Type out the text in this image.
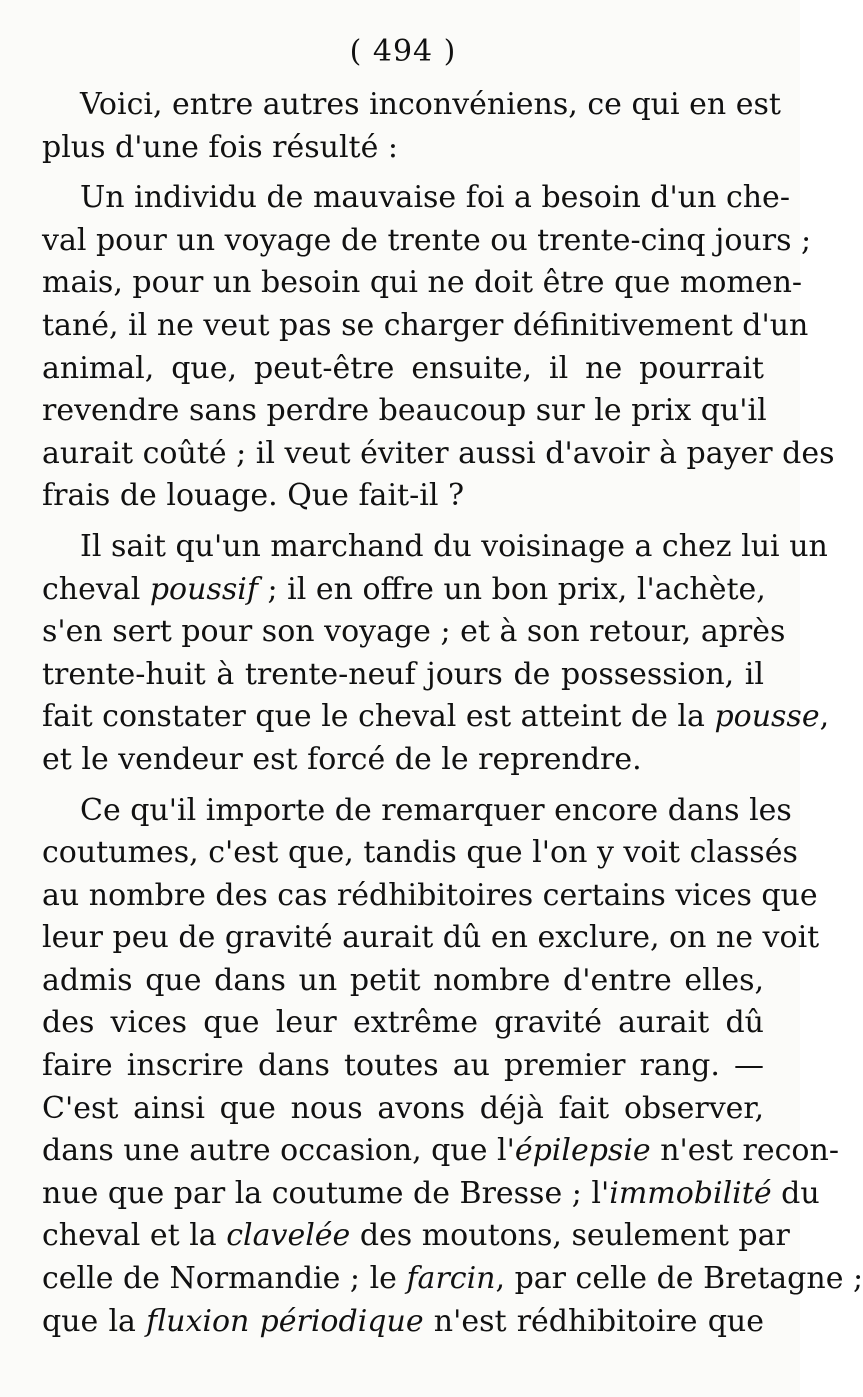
( 494 )
Voici, entre autres inconvéniens, ce qui en est
plus d'une fois résulté :
Un individu de mauvaise foi a besoin d'un che-
val pour un voyage de trente ou trente-cinq jours ;
mais, pour un besoin qui ne doit être que momen-
tané, il ne veut pas se charger définitivement d'un
animal, que, peut-être ensuite, il ne pourrait
revendre sans perdre beaucoup sur le prix qu'il
aurait coûté ; il veut éviter aussi d'avoir à payer des
frais de louage. Que fait-il ?
Il sait qu'un marchand du voisinage a chez lui un
cheval poussif ; il en offre un bon prix, l'achète,
s'en sert pour son voyage ; et à son retour, après
trente-huit à trente-neuf jours de possession, il
fait constater que le cheval est atteint de la pousse,
et le vendeur est forcé de le reprendre.
Ce qu'il importe de remarquer encore dans les
coutumes, c'est que, tandis que l'on y voit classés
au nombre des cas rédhibitoires certains vices que
leur peu de gravité aurait dû en exclure, on ne voit
admis que dans un petit nombre d'entre elles,
des vices que leur extrême gravité aurait dû
faire inscrire dans toutes au premier rang. —
C'est ainsi que nous avons déjà fait observer,
dans une autre occasion, que l'épilepsie n'est recon-
nue que par la coutume de Bresse ; l'immobilité du
cheval et la clavelée des moutons, seulement par
celle de Normandie ; le farcin, par celle de Bretagne ;
que la fluxion périodique n'est rédhibitoire que
